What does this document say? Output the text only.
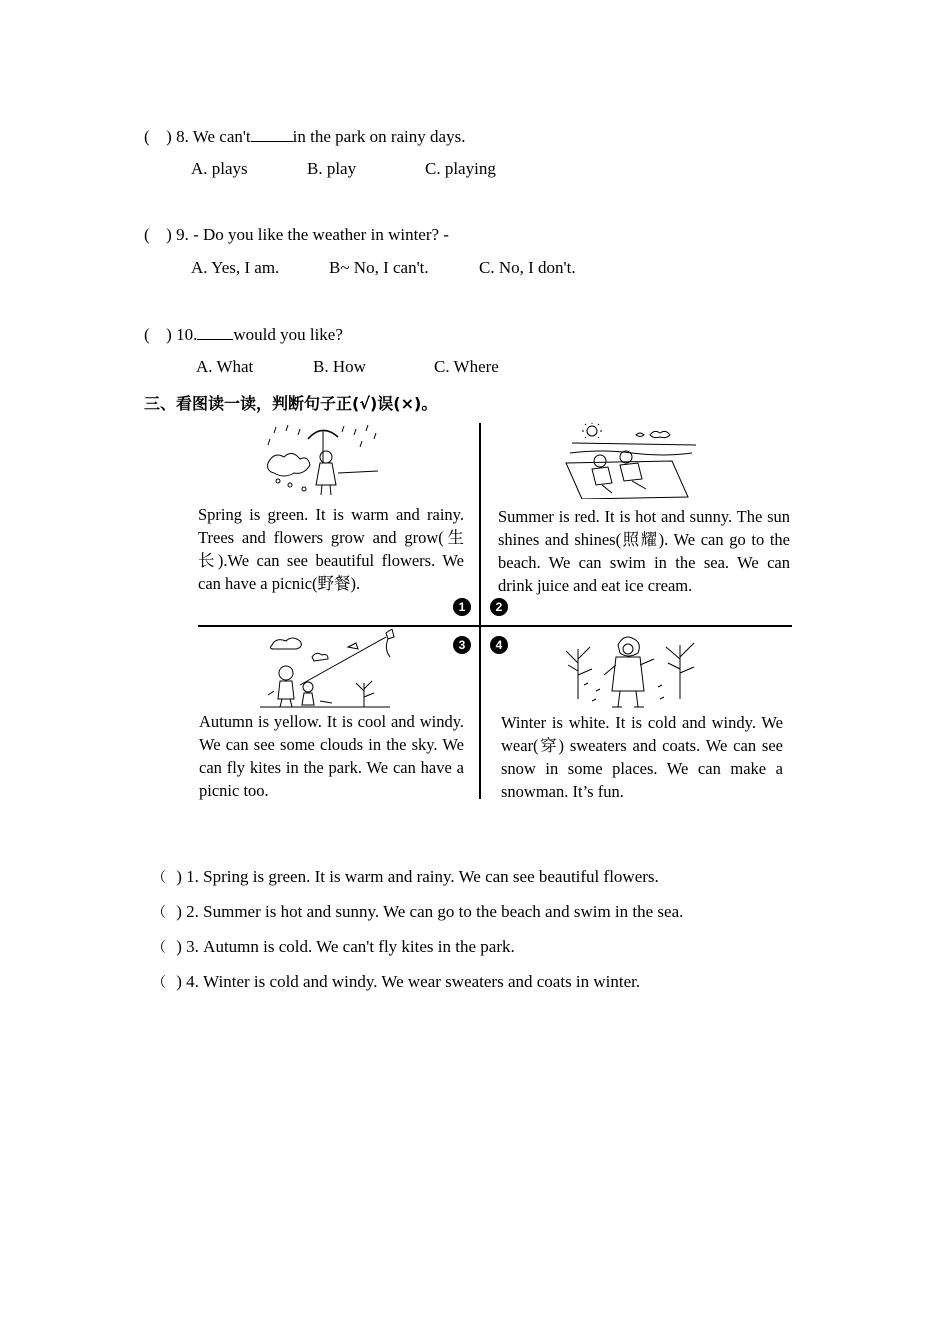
( ) 8. We can't in the park on rainy days.
A. plays	B. play	C. playing
( ) 9. - Do you like the weather in winter? -
A. Yes, I am.	B~ No, I can't.	C. No, I don't.
( ) 10. would you like?
A. What	B. How	C. Where
三、看图读一读，判断句子正(√)误(×)。
Spring is green. It is warm and rainy. Trees and flowers grow and grow(生长).We can see beautiful flowers. We can have a picnic(野餐).
1
Summer is red. It is hot and sunny. The sun shines and shines(照耀). We can go to the beach. We can swim in the sea. We can drink juice and eat ice cream.
2
3
Autumn is yellow. It is cool and windy. We can see some clouds in the sky. We can fly kites in the park. We can have a picnic too.
4
Winter is white. It is cold and windy. We wear(穿) sweaters and coats. We can see snow in some places. We can make a snowman. It’s fun.
（ ) 1. Spring is green. It is warm and rainy. We can see beautiful flowers.
（ ) 2. Summer is hot and sunny. We can go to the beach and swim in the sea.
（ ) 3. Autumn is cold. We can't fly kites in the park.
（ ) 4. Winter is cold and windy. We wear sweaters and coats in winter.
